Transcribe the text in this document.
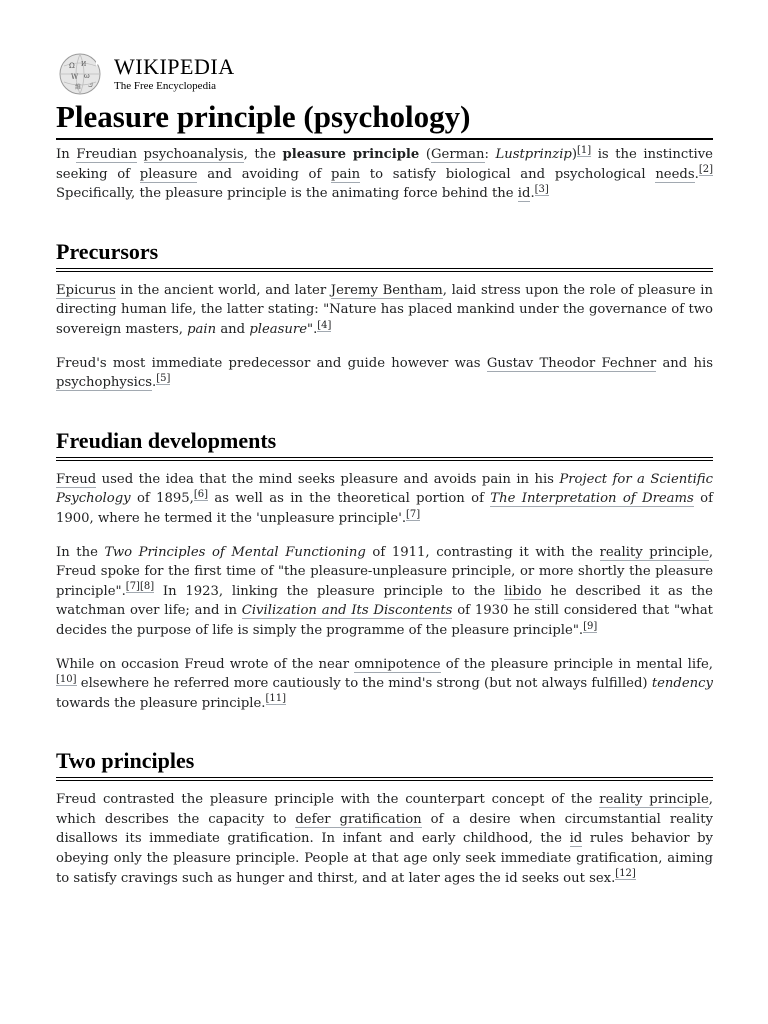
Ω И
W ω
維 ك
WIKIPEDIA
The Free Encyclopedia
Pleasure principle (psychology)

In Freudian psychoanalysis, the pleasure principle (German: Lustprinzip)[1] is the instinctive seeking of pleasure and avoiding of pain to satisfy biological and psychological needs.[2] Specifically, the pleasure principle is the animating force behind the id.[3]

Precursors

Epicurus in the ancient world, and later Jeremy Bentham, laid stress upon the role of pleasure in directing human life, the latter stating: "Nature has placed mankind under the governance of two sovereign masters, pain and pleasure".[4]

Freud's most immediate predecessor and guide however was Gustav Theodor Fechner and his psychophysics.[5]

Freudian developments

Freud used the idea that the mind seeks pleasure and avoids pain in his Project for a Scientific Psychology of 1895,[6] as well as in the theoretical portion of The Interpretation of Dreams of 1900, where he termed it the 'unpleasure principle'.[7]

In the Two Principles of Mental Functioning of 1911, contrasting it with the reality principle, Freud spoke for the first time of "the pleasure-unpleasure principle, or more shortly the pleasure principle".[7][8] In 1923, linking the pleasure principle to the libido he described it as the watchman over life; and in Civilization and Its Discontents of 1930 he still considered that "what decides the purpose of life is simply the programme of the pleasure principle".[9]

While on occasion Freud wrote of the near omnipotence of the pleasure principle in mental life,[10] elsewhere he referred more cautiously to the mind's strong (but not always fulfilled) tendency towards the pleasure principle.[11]

Two principles

Freud contrasted the pleasure principle with the counterpart concept of the reality principle, which describes the capacity to defer gratification of a desire when circumstantial reality disallows its immediate gratification. In infant and early childhood, the id rules behavior by obeying only the pleasure principle. People at that age only seek immediate gratification, aiming to satisfy cravings such as hunger and thirst, and at later ages the id seeks out sex.[12]
